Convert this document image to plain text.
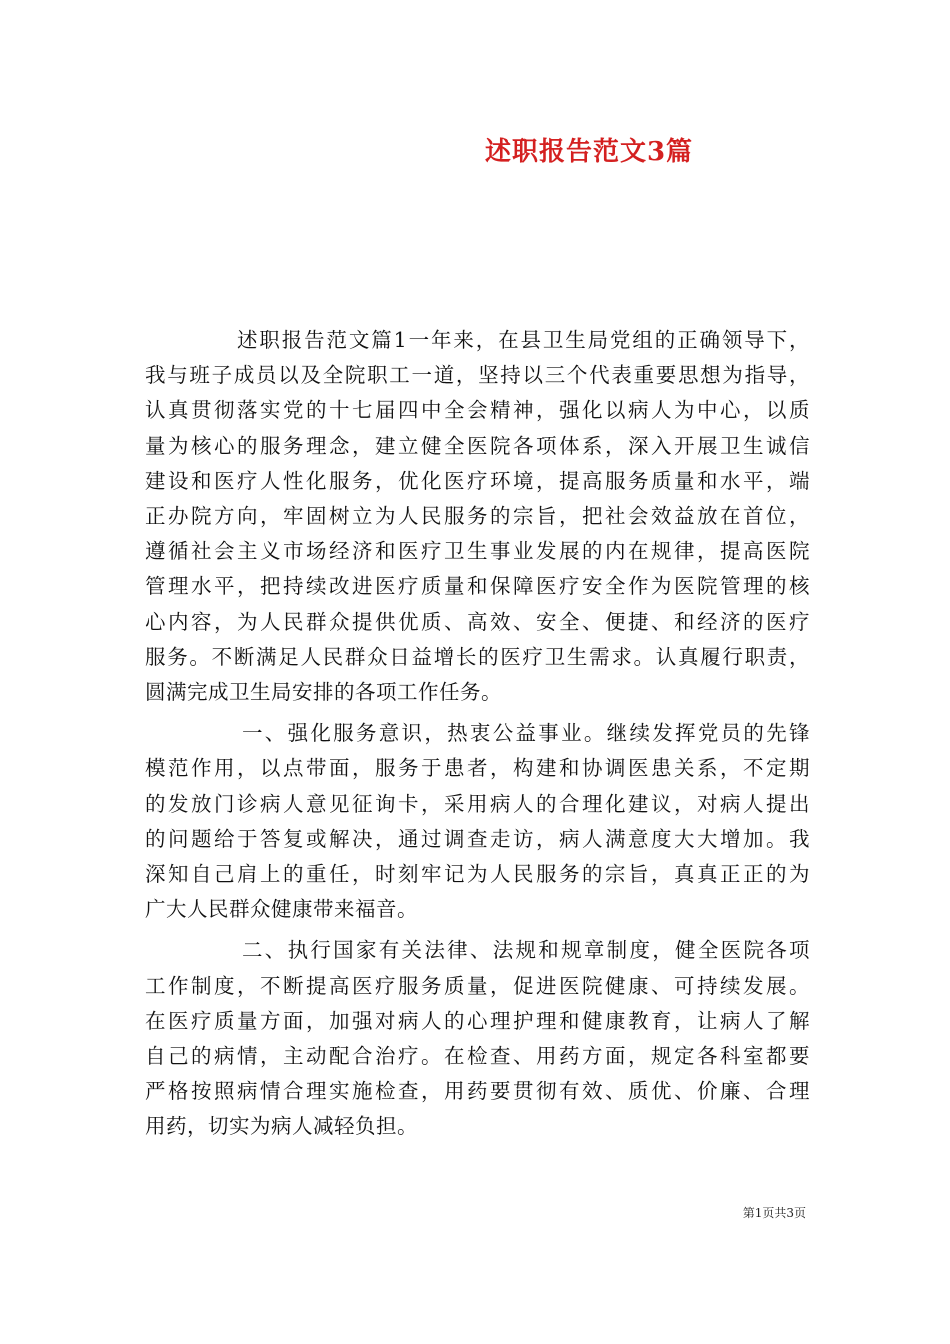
述职报告范文3篇
述职报告范文篇1一年来，在县卫生局党组的正确领导下，
我与班子成员以及全院职工一道，坚持以三个代表重要思想为指导，
认真贯彻落实党的十七届四中全会精神，强化以病人为中心，以质
量为核心的服务理念，建立健全医院各项体系，深入开展卫生诚信
建设和医疗人性化服务，优化医疗环境，提高服务质量和水平，端
正办院方向，牢固树立为人民服务的宗旨，把社会效益放在首位，
遵循社会主义市场经济和医疗卫生事业发展的内在规律，提高医院
管理水平，把持续改进医疗质量和保障医疗安全作为医院管理的核
心内容，为人民群众提供优质、高效、安全、便捷、和经济的医疗
服务。不断满足人民群众日益增长的医疗卫生需求。认真履行职责，
圆满完成卫生局安排的各项工作任务。
一、强化服务意识，热衷公益事业。继续发挥党员的先锋
模范作用，以点带面，服务于患者，构建和协调医患关系，不定期
的发放门诊病人意见征询卡，采用病人的合理化建议，对病人提出
的问题给于答复或解决，通过调查走访，病人满意度大大增加。我
深知自己肩上的重任，时刻牢记为人民服务的宗旨，真真正正的为
广大人民群众健康带来福音。
二、执行国家有关法律、法规和规章制度，健全医院各项
工作制度，不断提高医疗服务质量，促进医院健康、可持续发展。
在医疗质量方面，加强对病人的心理护理和健康教育，让病人了解
自己的病情，主动配合治疗。在检查、用药方面，规定各科室都要
严格按照病情合理实施检查，用药要贯彻有效、质优、价廉、合理
用药，切实为病人减轻负担。
第1页共3页
